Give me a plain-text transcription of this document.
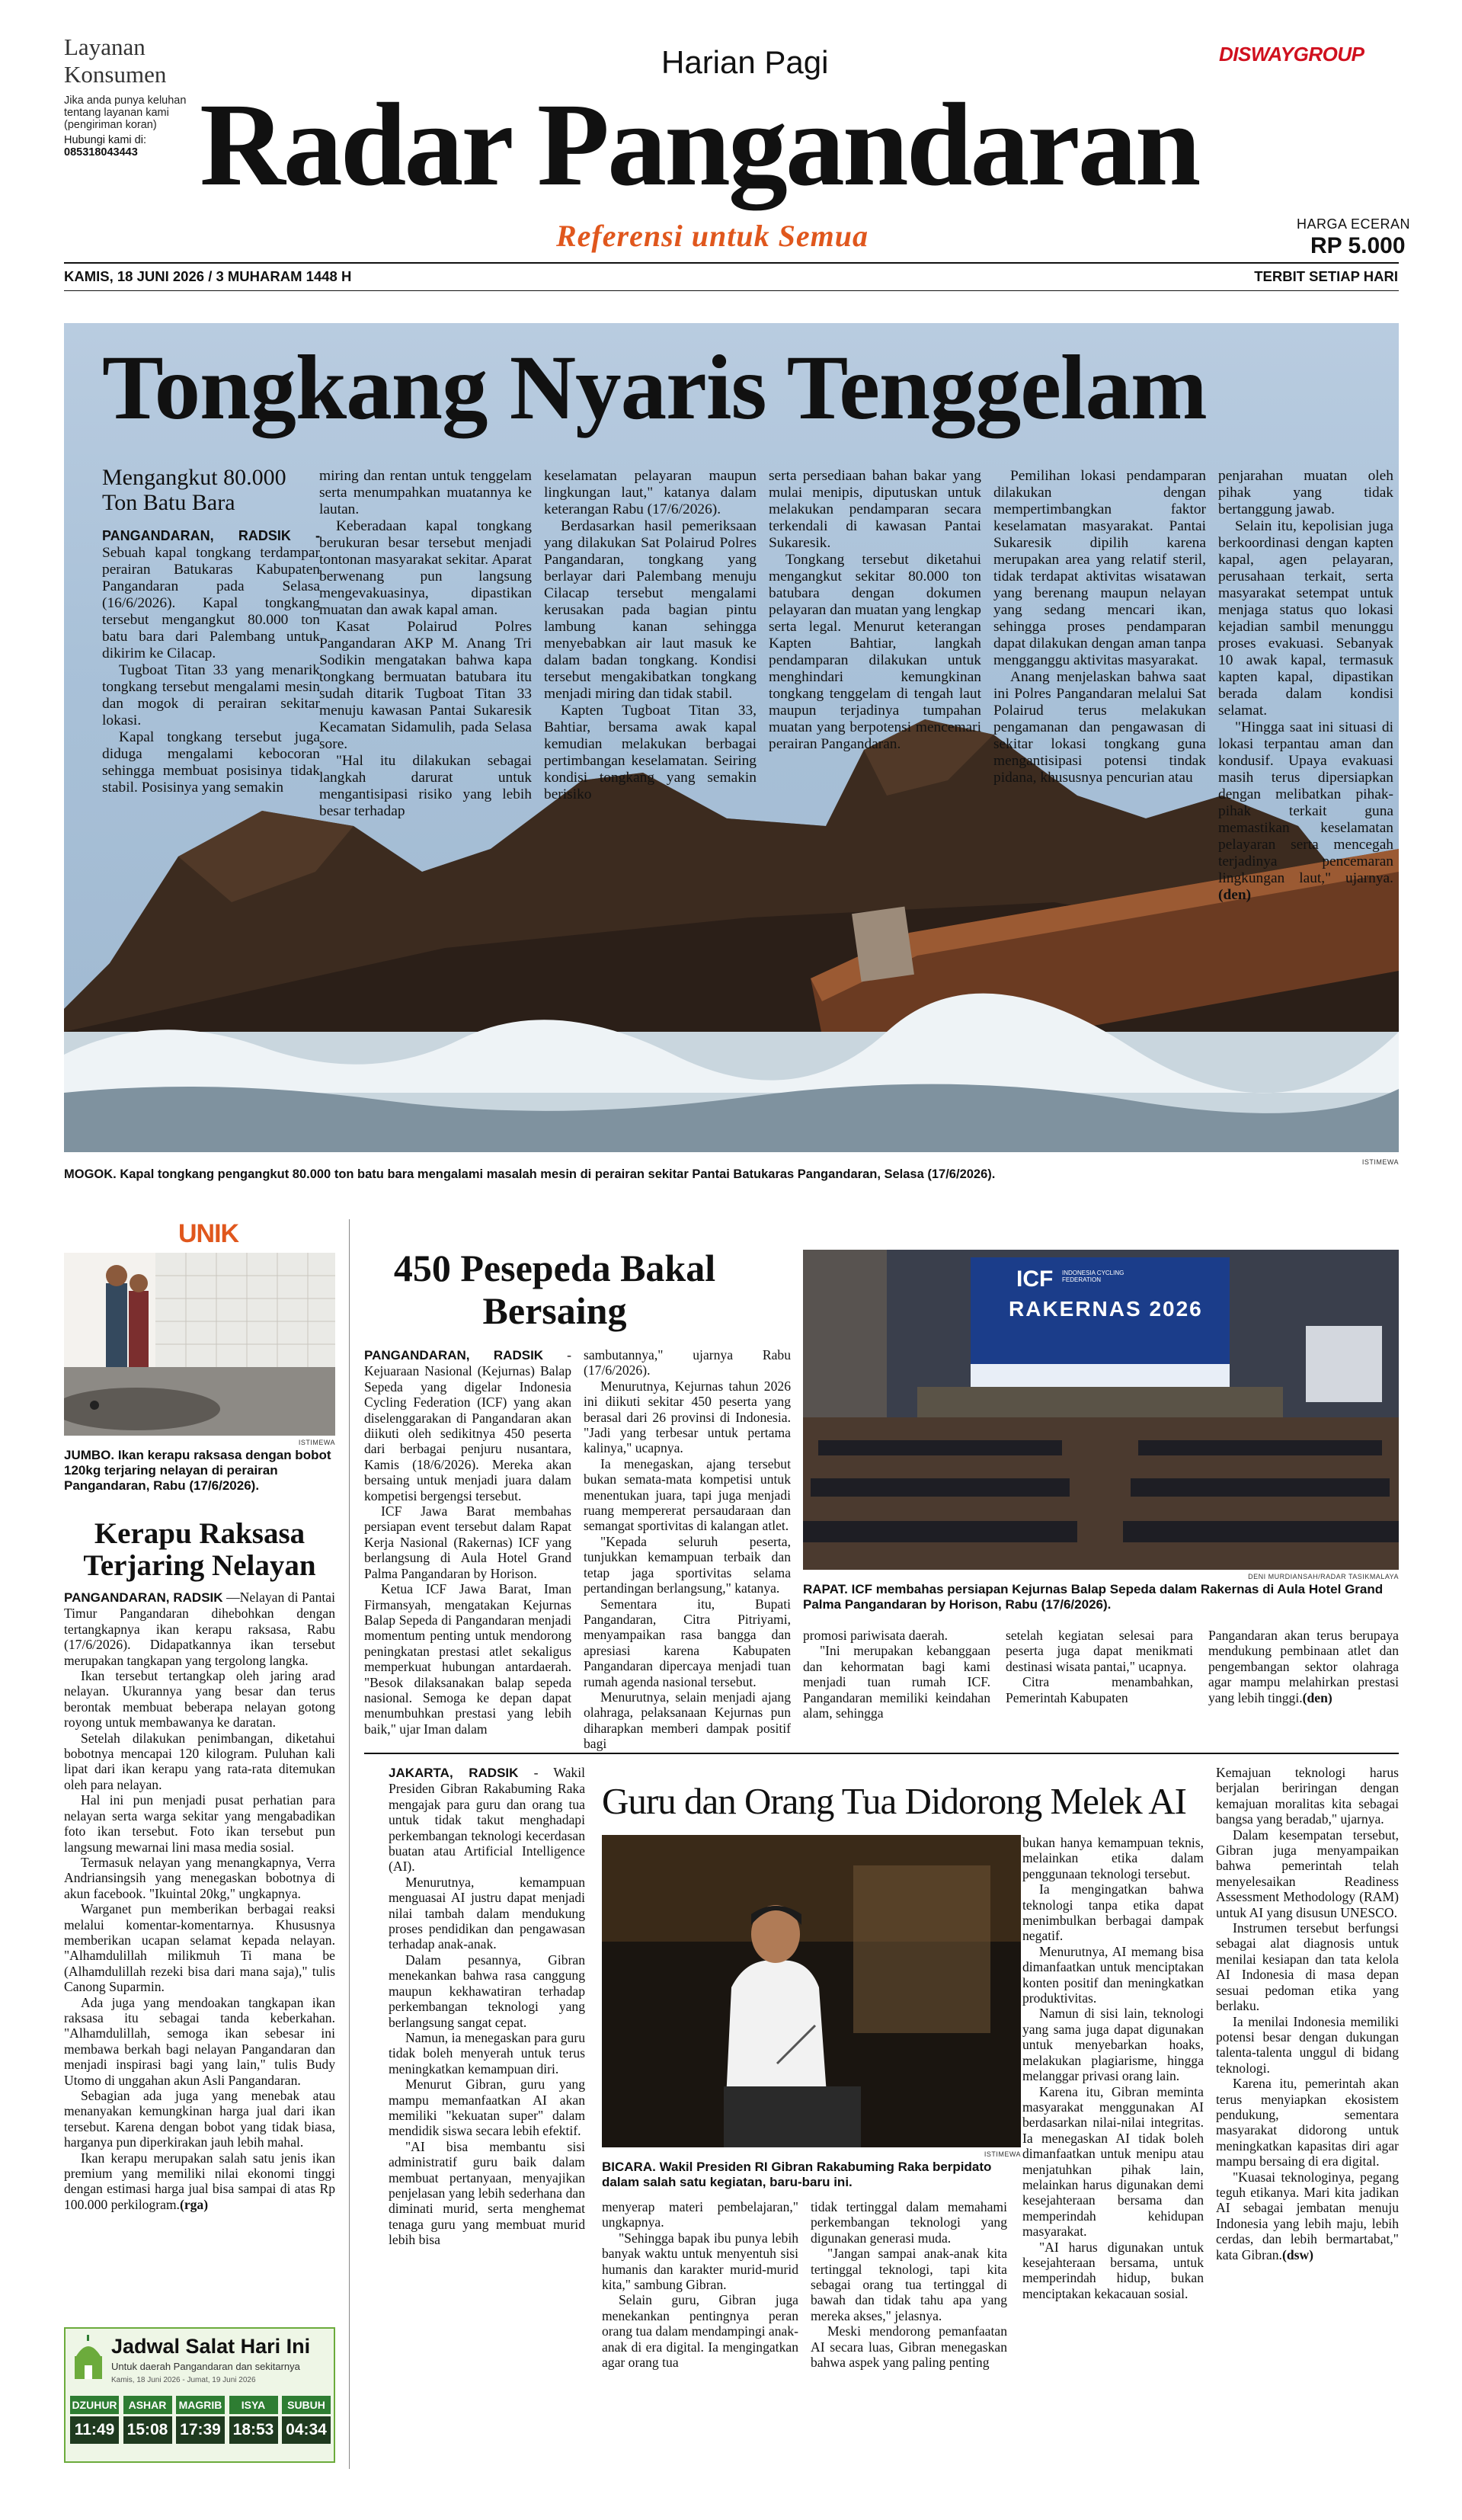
Layanan Konsumen
Jika anda punya keluhan tentang layanan kami (pengiriman koran)
Hubungi kami di:
085318043443
Harian Pagi
Radar Pangandaran
Referensi untuk Semua
DISWAYGROUP
HARGA ECERAN
RP 5.000
KAMIS, 18 JUNI 2026 / 3 MUHARAM 1448 H	TERBIT SETIAP HARI
Tongkang Nyaris Tenggelam
Mengangkut 80.000 Ton Batu Bara

PANGANDARAN, RADSIK - Sebuah kapal tongkang terdampar perairan Batukaras Kabupaten Pangandaran pada Selasa (16/6/2026). Kapal tongkang tersebut mengangkut 80.000 ton batu bara dari Palembang untuk dikirim ke Cilacap.

Tugboat Titan 33 yang menarik tongkang tersebut mengalami mesin dan mogok di perairan sekitar lokasi.

Kapal tongkang tersebut juga diduga mengalami kebocoran sehingga membuat posisinya tidak stabil. Posisinya yang semakin

miring dan rentan untuk tenggelam serta menumpahkan muatannya ke lautan.

Keberadaan kapal tongkang berukuran besar tersebut menjadi tontonan masyarakat sekitar. Aparat berwenang pun langsung mengevakuasinya, dipastikan muatan dan awak kapal aman.

Kasat Polairud Polres Pangandaran AKP M. Anang Tri Sodikin mengatakan bahwa kapa tongkang bermuatan batubara itu sudah ditarik Tugboat Titan 33 menuju kawasan Pantai Sukaresik Kecamatan Sidamulih, pada Selasa sore.

"Hal itu dilakukan sebagai langkah darurat untuk mengantisipasi risiko yang lebih besar terhadap

keselamatan pelayaran maupun lingkungan laut," katanya dalam keterangan Rabu (17/6/2026).

Berdasarkan hasil pemeriksaan yang dilakukan Sat Polairud Polres Pangandaran, tongkang yang berlayar dari Palembang menuju Cilacap tersebut mengalami kerusakan pada bagian pintu lambung kanan sehingga menyebabkan air laut masuk ke dalam badan tongkang. Kondisi tersebut mengakibatkan tongkang menjadi miring dan tidak stabil.

Kapten Tugboat Titan 33, Bahtiar, bersama awak kapal kemudian melakukan berbagai pertimbangan keselamatan. Seiring kondisi tongkang yang semakin berisiko

serta persediaan bahan bakar yang mulai menipis, diputuskan untuk melakukan pendamparan secara terkendali di kawasan Pantai Sukaresik.

Tongkang tersebut diketahui mengangkut sekitar 80.000 ton batubara dengan dokumen pelayaran dan muatan yang lengkap serta legal. Menurut keterangan Kapten Bahtiar, langkah pendamparan dilakukan untuk menghindari kemungkinan tongkang tenggelam di tengah laut maupun terjadinya tumpahan muatan yang berpotensi mencemari perairan Pangandaran.

Pemilihan lokasi pendamparan dilakukan dengan mempertimbangkan faktor keselamatan masyarakat. Pantai Sukaresik dipilih karena merupakan area yang relatif steril, tidak terdapat aktivitas wisatawan yang berenang maupun nelayan yang sedang mencari ikan, sehingga proses pendamparan dapat dilakukan dengan aman tanpa mengganggu aktivitas masyarakat.

Anang menjelaskan bahwa saat ini Polres Pangandaran melalui Sat Polairud terus melakukan pengamanan dan pengawasan di sekitar lokasi tongkang guna mengantisipasi potensi tindak pidana, khususnya pencurian atau

penjarahan muatan oleh pihak yang tidak bertanggung jawab.

Selain itu, kepolisian juga berkoordinasi dengan kapten kapal, agen pelayaran, perusahaan terkait, serta masyarakat setempat untuk menjaga status quo lokasi kejadian sambil menunggu proses evakuasi. Sebanyak 10 awak kapal, termasuk kapten kapal, dipastikan berada dalam kondisi selamat.

"Hingga saat ini situasi di lokasi terpantau aman dan kondusif. Upaya evakuasi masih terus dipersiapkan dengan melibatkan pihak-pihak terkait guna memastikan keselamatan pelayaran serta mencegah terjadinya pencemaran lingkungan laut," ujarnya.(den)

ISTIMEWA
MOGOK. Kapal tongkang pengangkut 80.000 ton batu bara mengalami masalah mesin di perairan sekitar Pantai Batukaras Pangandaran, Selasa (17/6/2026).
UNIK
ISTIMEWA
JUMBO. Ikan kerapu raksasa dengan bobot 120kg terjaring nelayan di perairan Pangandaran, Rabu (17/6/2026).
Kerapu Raksasa Terjaring Nelayan

PANGANDARAN, RADSIK —Nelayan di Pantai Timur Pangandaran dihebohkan dengan tertangkapnya ikan kerapu raksasa, Rabu (17/6/2026). Didapatkannya ikan tersebut merupakan tangkapan yang tergolong langka.

Ikan tersebut tertangkap oleh jaring arad nelayan. Ukurannya yang besar dan terus berontak membuat beberapa nelayan gotong royong untuk membawanya ke daratan.

Setelah dilakukan penimbangan, diketahui bobotnya mencapai 120 kilogram. Puluhan kali lipat dari ikan kerapu yang rata-rata ditemukan oleh para nelayan.

Hal ini pun menjadi pusat perhatian para nelayan serta warga sekitar yang mengabadikan foto ikan tersebut. Foto ikan tersebut pun langsung mewarnai lini masa media sosial.

Termasuk nelayan yang menangkapnya, Verra Andriansingsih yang menegaskan bobotnya di akun facebook. "Ikuintal 20kg," ungkapnya.

Warganet pun memberikan berbagai reaksi melalui komentar-komentarnya. Khususnya memberikan ucapan selamat kepada nelayan. "Alhamdulillah milikmuh Ti mana be (Alhamdulillah rezeki bisa dari mana saja)," tulis Canong Suparmin.

Ada juga yang mendoakan tangkapan ikan raksasa itu sebagai tanda keberkahan. "Alhamdulillah, semoga ikan sebesar ini membawa berkah bagi nelayan Pangandaran dan menjadi inspirasi bagi yang lain," tulis Budy Utomo di unggahan akun Asli Pangandaran.

Sebagian ada juga yang menebak atau menanyakan kemungkinan harga jual dari ikan tersebut. Karena dengan bobot yang tidak biasa, harganya pun diperkirakan jauh lebih mahal.

Ikan kerapu merupakan salah satu jenis ikan premium yang memiliki nilai ekonomi tinggi dengan estimasi harga jual bisa sampai di atas Rp 100.000 perkilogram.(rga)

Jadwal Salat Hari Ini
Untuk daerah Pangandaran dan sekitarnya
Kamis, 18 Juni 2026 - Jumat, 19 Juni 2026
DZUHUR
11:49
ASHAR
15:08
MAGRIB
17:39
ISYA
18:53
SUBUH
04:34
450 Pesepeda Bakal Bersaing
ICF INDONESIA CYCLING FEDERATION
RAKERNAS 2026
DENI MURDIANSAH/RADAR TASIKMALAYA
RAPAT. ICF membahas persiapan Kejurnas Balap Sepeda dalam Rakernas di Aula Hotel Grand Palma Pangandaran by Horison, Rabu (17/6/2026).

PANGANDARAN, RADSIK - Kejuaraan Nasional (Kejurnas) Balap Sepeda yang digelar Indonesia Cycling Federation (ICF) yang akan diselenggarakan di Pangandaran akan diikuti oleh sedikitnya 450 peserta dari berbagai penjuru nusantara, Kamis (18/6/2026). Mereka akan bersaing untuk menjadi juara dalam kompetisi bergengsi tersebut.

ICF Jawa Barat membahas persiapan event tersebut dalam Rapat Kerja Nasional (Rakernas) ICF yang berlangsung di Aula Hotel Grand Palma Pangandaran by Horison.

Ketua ICF Jawa Barat, Iman Firmansyah, mengatakan Kejurnas Balap Sepeda di Pangandaran menjadi momentum penting untuk mendorong peningkatan prestasi atlet sekaligus memperkuat hubungan antardaerah. "Besok dilaksanakan balap sepeda nasional. Semoga ke depan dapat menumbuhkan prestasi yang lebih baik," ujar Iman dalam

sambutannya," ujarnya Rabu (17/6/2026).

Menurutnya, Kejurnas tahun 2026 ini diikuti sekitar 450 peserta yang berasal dari 26 provinsi di Indonesia. "Jadi yang terbesar untuk pertama kalinya," ucapnya.

Ia menegaskan, ajang tersebut bukan semata-mata kompetisi untuk menentukan juara, tapi juga menjadi ruang mempererat persaudaraan dan semangat sportivitas di kalangan atlet.

"Kepada seluruh peserta, tunjukkan kemampuan terbaik dan tetap jaga sportivitas selama pertandingan berlangsung," katanya.

Sementara itu, Bupati Pangandaran, Citra Pitriyami, menyampaikan rasa bangga dan apresiasi karena Kabupaten Pangandaran dipercaya menjadi tuan rumah agenda nasional tersebut.

Menurutnya, selain menjadi ajang olahraga, pelaksanaan Kejurnas pun diharapkan memberi dampak positif bagi

promosi pariwisata daerah.

"Ini merupakan kebanggaan dan kehormatan bagi kami menjadi tuan rumah ICF. Pangandaran memiliki keindahan alam, sehingga

setelah kegiatan selesai para peserta juga dapat menikmati destinasi wisata pantai," ucapnya.

Citra menambahkan, Pemerintah Kabupaten

Pangandaran akan terus berupaya mendukung pembinaan atlet dan pengembangan sektor olahraga agar mampu melahirkan prestasi yang lebih tinggi.(den)

JAKARTA, RADSIK - Wakil Presiden Gibran Rakabuming Raka mengajak para guru dan orang tua untuk tidak takut menghadapi perkembangan teknologi kecerdasan buatan atau Artificial Intelligence (AI).

Menurutnya, kemampuan menguasai AI justru dapat menjadi nilai tambah dalam mendukung proses pendidikan dan pengawasan terhadap anak-anak.

Dalam pesannya, Gibran menekankan bahwa rasa canggung maupun kekhawatiran terhadap perkembangan teknologi yang berlangsung sangat cepat.

Namun, ia menegaskan para guru tidak boleh menyerah untuk terus meningkatkan kemampuan diri.

Menurut Gibran, guru yang mampu memanfaatkan AI akan memiliki "kekuatan super" dalam mendidik siswa secara lebih efektif.

"AI bisa membantu sisi administratif guru baik dalam membuat pertanyaan, menyajikan penjelasan yang lebih sederhana dan diminati murid, serta menghemat tenaga guru yang membuat murid lebih bisa

Guru dan Orang Tua Didorong Melek AI
ISTIMEWA
BICARA. Wakil Presiden RI Gibran Rakabuming Raka berpidato dalam salah satu kegiatan, baru-baru ini.

menyerap materi pembelajaran," ungkapnya.

"Sehingga bapak ibu punya lebih banyak waktu untuk menyentuh sisi humanis dan karakter murid-murid kita," sambung Gibran.

Selain guru, Gibran juga menekankan pentingnya peran orang tua dalam mendampingi anak-anak di era digital. Ia mengingatkan agar orang tua

tidak tertinggal dalam memahami perkembangan teknologi yang digunakan generasi muda.

"Jangan sampai anak-anak kita tertinggal teknologi, tapi kita sebagai orang tua tertinggal di bawah dan tidak tahu apa yang mereka akses," jelasnya.

Meski mendorong pemanfaatan AI secara luas, Gibran menegaskan bahwa aspek yang paling penting

bukan hanya kemampuan teknis, melainkan etika dalam penggunaan teknologi tersebut.

Ia mengingatkan bahwa teknologi tanpa etika dapat menimbulkan berbagai dampak negatif.

Menurutnya, AI memang bisa dimanfaatkan untuk menciptakan konten positif dan meningkatkan produktivitas.

Namun di sisi lain, teknologi yang sama juga dapat digunakan untuk menyebarkan hoaks, melakukan plagiarisme, hingga melanggar privasi orang lain.

Karena itu, Gibran meminta masyarakat menggunakan AI berdasarkan nilai-nilai integritas. Ia menegaskan AI tidak boleh dimanfaatkan untuk menipu atau menjatuhkan pihak lain, melainkan harus digunakan demi kesejahteraan bersama dan memperindah kehidupan masyarakat.

"AI harus digunakan untuk kesejahteraan bersama, untuk memperindah hidup, bukan menciptakan kekacauan sosial.

Kemajuan teknologi harus berjalan beriringan dengan kemajuan moralitas kita sebagai bangsa yang beradab," ujarnya.

Dalam kesempatan tersebut, Gibran juga menyampaikan bahwa pemerintah telah menyelesaikan Readiness Assessment Methodology (RAM) untuk AI yang disusun UNESCO.

Instrumen tersebut berfungsi sebagai alat diagnosis untuk menilai kesiapan dan tata kelola AI Indonesia di masa depan sesuai pedoman etika yang berlaku.

Ia menilai Indonesia memiliki potensi besar dengan dukungan talenta-talenta unggul di bidang teknologi.

Karena itu, pemerintah akan terus menyiapkan ekosistem pendukung, sementara masyarakat didorong untuk meningkatkan kapasitas diri agar mampu bersaing di era digital.

"Kuasai teknologinya, pegang teguh etikanya. Mari kita jadikan AI sebagai jembatan menuju Indonesia yang lebih maju, lebih cerdas, dan lebih bermartabat," kata Gibran.(dsw)
